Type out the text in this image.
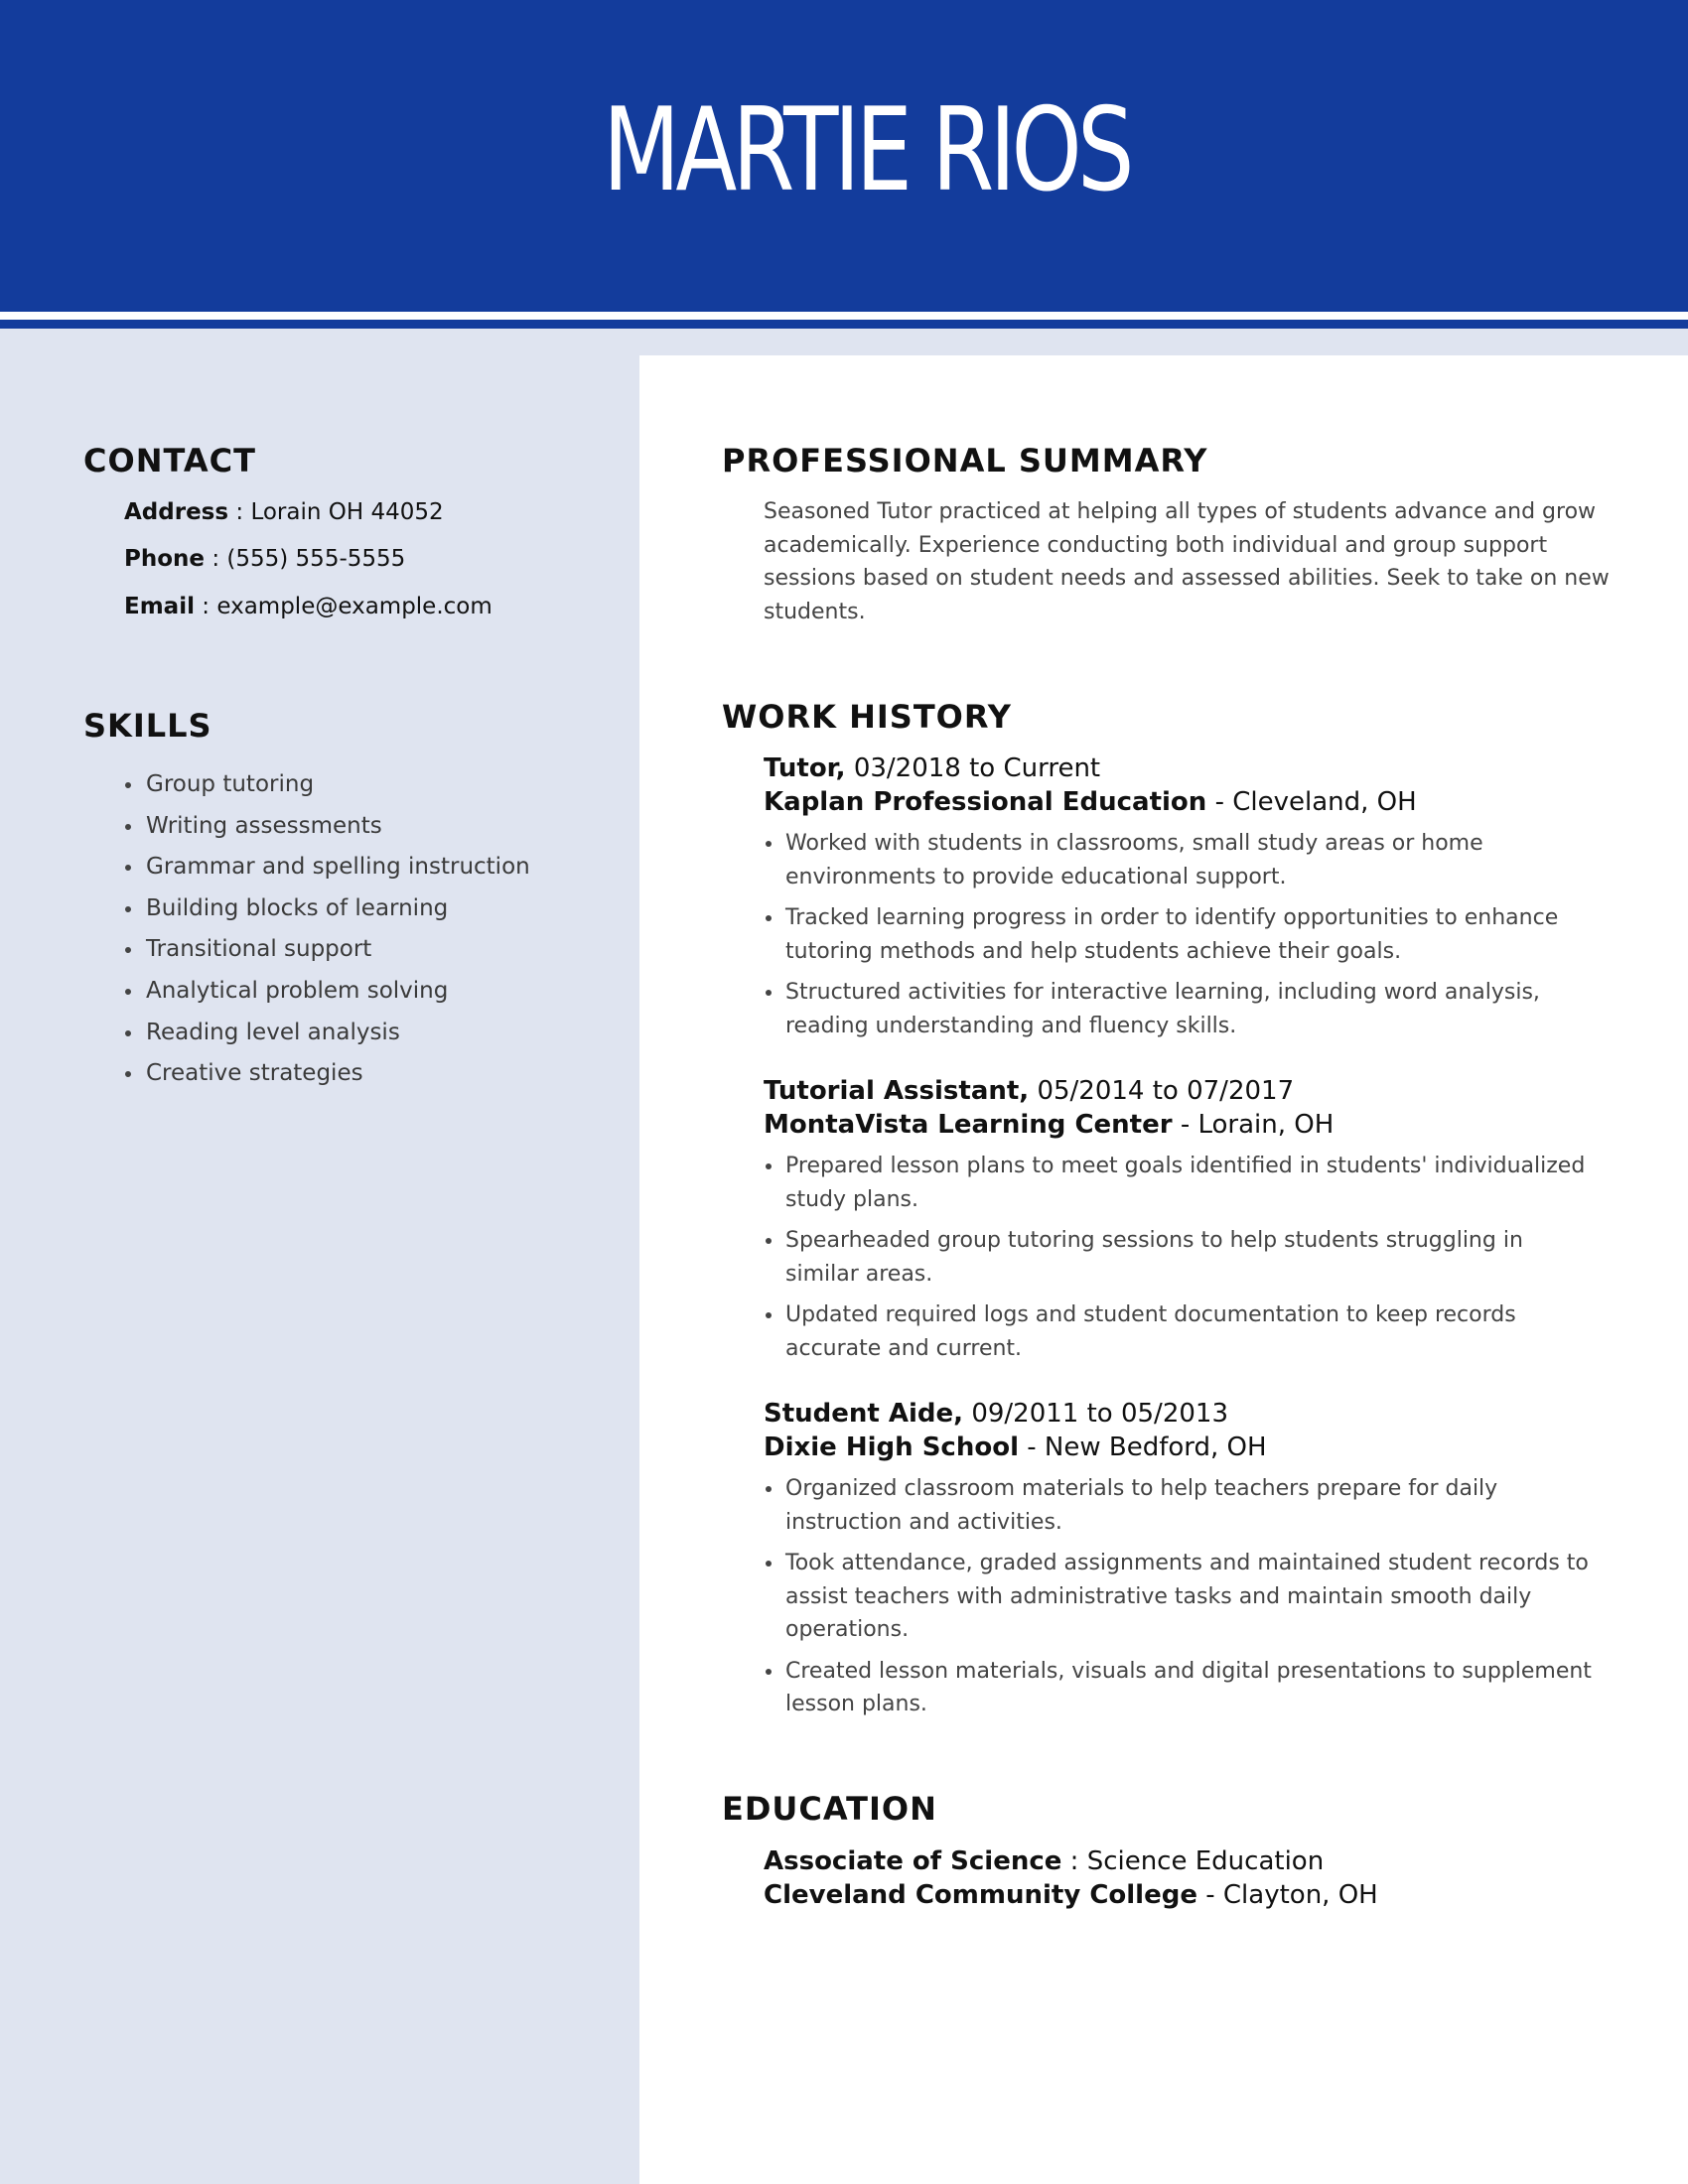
MARTIE RIOS
CONTACT
Address : Lorain OH 44052
Phone : (555) 555-5555
Email : example@example.com
SKILLS
Group tutoring
Writing assessments
Grammar and spelling instruction
Building blocks of learning
Transitional support
Analytical problem solving
Reading level analysis
Creative strategies
PROFESSIONAL SUMMARY

Seasoned Tutor practiced at helping all types of students advance and grow academically. Experience conducting both individual and group support sessions based on student needs and assessed abilities. Seek to take on new students.

WORK HISTORY
Tutor, 03/2018 to Current
Kaplan Professional Education - Cleveland, OH
Worked with students in classrooms, small study areas or home environments to provide educational support.
Tracked learning progress in order to identify opportunities to enhance tutoring methods and help students achieve their goals.
Structured activities for interactive learning, including word analysis, reading understanding and fluency skills.
Tutorial Assistant, 05/2014 to 07/2017
MontaVista Learning Center - Lorain, OH
Prepared lesson plans to meet goals identified in students' individualized study plans.
Spearheaded group tutoring sessions to help students struggling in similar areas.
Updated required logs and student documentation to keep records accurate and current.
Student Aide, 09/2011 to 05/2013
Dixie High School - New Bedford, OH
Organized classroom materials to help teachers prepare for daily instruction and activities.
Took attendance, graded assignments and maintained student records to assist teachers with administrative tasks and maintain smooth daily operations.
Created lesson materials, visuals and digital presentations to supplement lesson plans.
EDUCATION
Associate of Science : Science Education
Cleveland Community College - Clayton, OH
